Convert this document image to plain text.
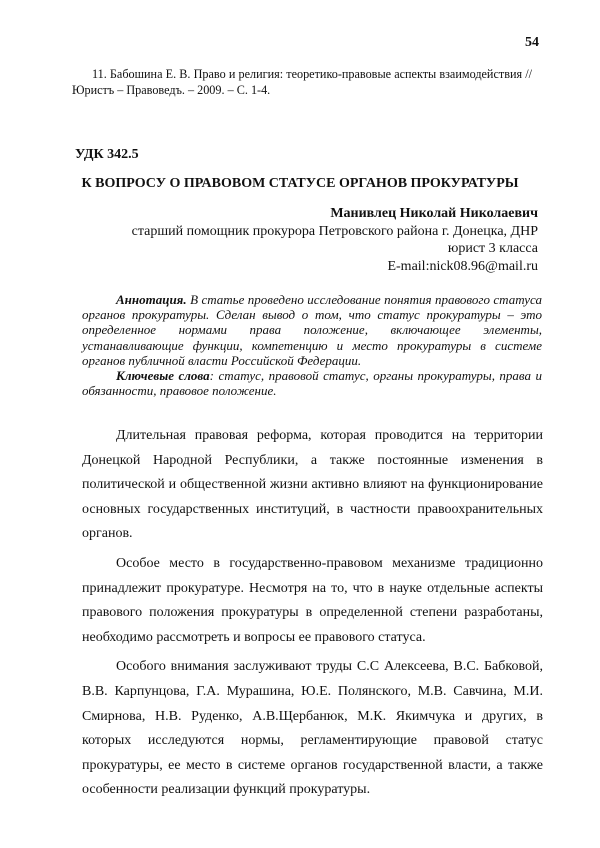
54
11. Бабошина Е. В. Право и религия: теоретико-правовые аспекты взаимодействия // Юристъ – Правоведъ. – 2009. – С. 1-4.
УДК 342.5
К ВОПРОСУ О ПРАВОВОМ СТАТУСЕ ОРГАНОВ ПРОКУРАТУРЫ
Манивлец Николай Николаевич
старший помощник прокурора Петровского района г. Донецка, ДНР
юрист 3 класса
E-mail:nick08.96@mail.ru

Аннотация. В статье проведено исследование понятия правового статуса органов прокуратуры. Сделан вывод о том, что статус прокуратуры – это определенное нормами права положение, включающее элементы, устанавливающие функции, компетенцию и место прокуратуры в системе органов публичной власти Российской Федерации.

Ключевые слова: статус, правовой статус, органы прокуратуры, права и обязанности, правовое положение.

Длительная правовая реформа, которая проводится на территории Донецкой Народной Республики, а также постоянные изменения в политической и общественной жизни активно влияют на функционирование основных государственных институций, в частности правоохранительных органов.

Особое место в государственно-правовом механизме традиционно принадлежит прокуратуре. Несмотря на то, что в науке отдельные аспекты правового положения прокуратуры в определенной степени разработаны, необходимо рассмотреть и вопросы ее правового статуса.

Особого внимания заслуживают труды С.С Алексеева, В.С. Бабковой, В.В. Карпунцова, Г.А. Мурашина, Ю.Е. Полянского, М.В. Савчина, М.И. Смирнова, Н.В. Руденко, А.В.Щербанюк, М.К. Якимчука и других, в которых исследуются нормы, регламентирующие правовой статус прокуратуры, ее место в системе органов государственной власти, а также особенности реализации функций прокуратуры.
